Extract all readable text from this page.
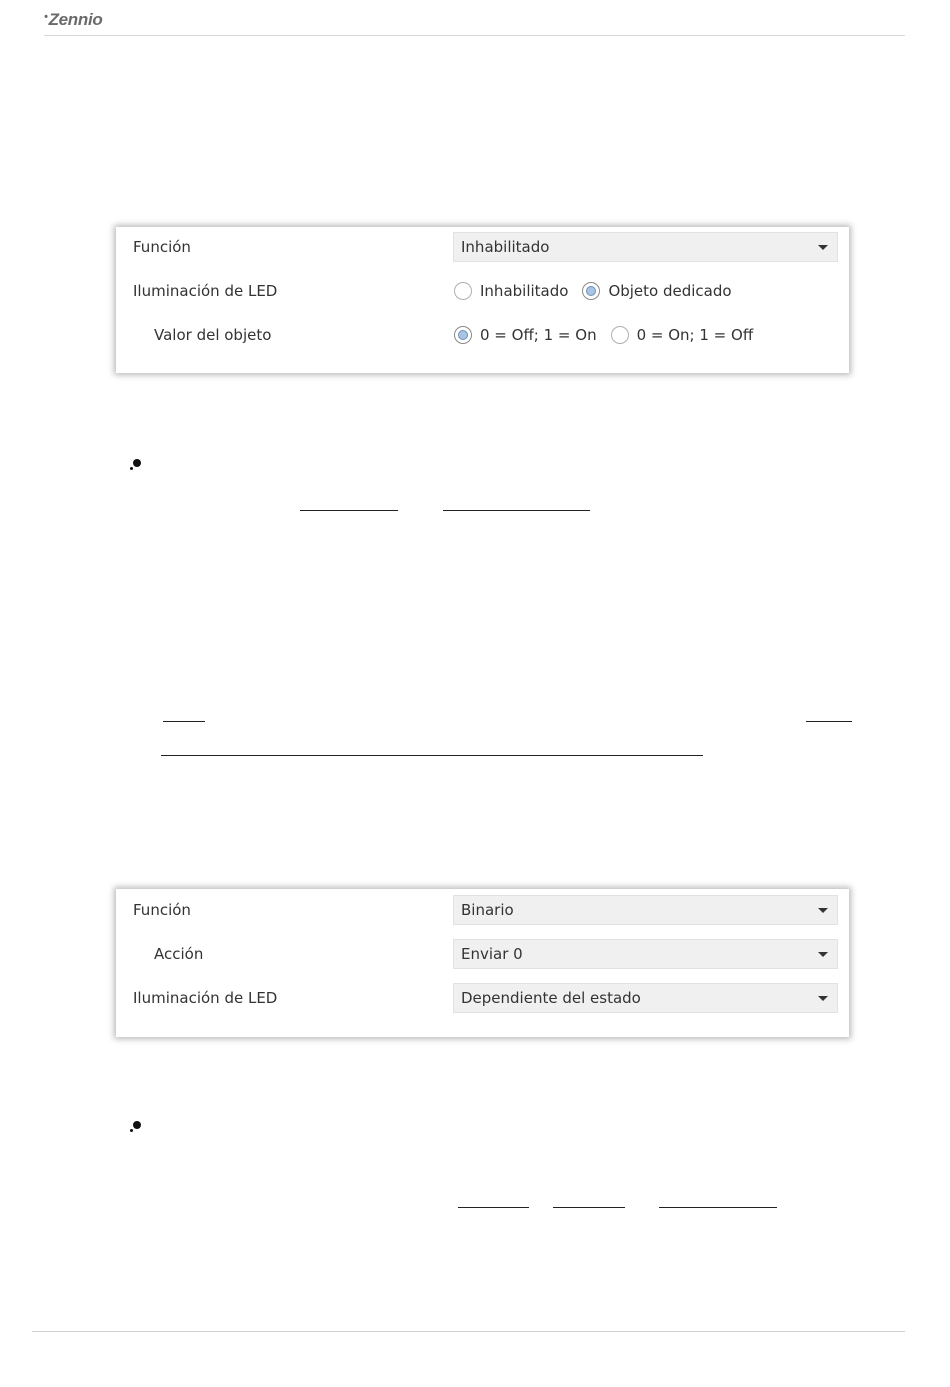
•Zennio
Función	Inhabilitado
Iluminación de LED	Inhabilitado	Objeto dedicado
Valor del objeto	0 = Off; 1 = On	0 = On; 1 = Off
Función	Binario
Acción	Enviar 0
Iluminación de LED	Dependiente del estado
